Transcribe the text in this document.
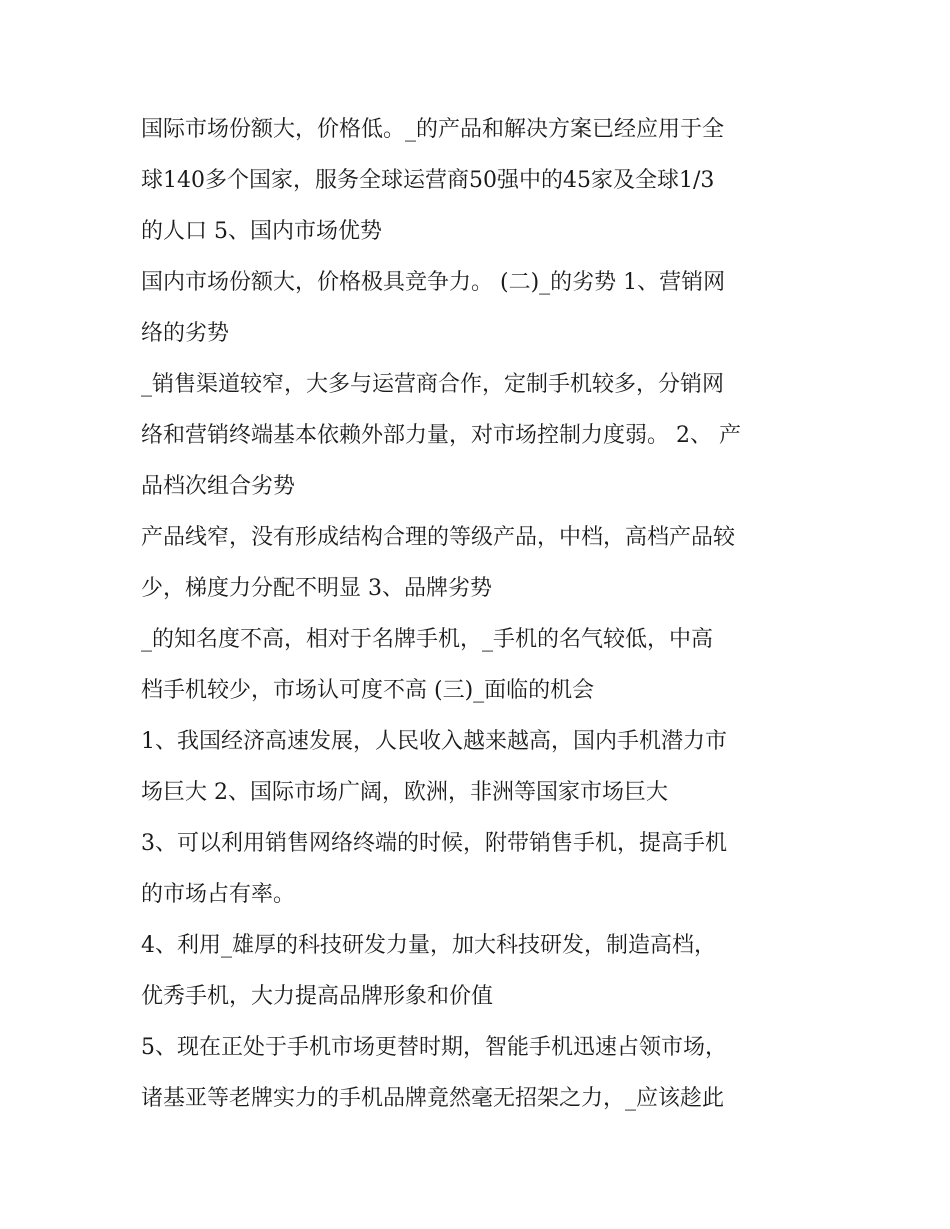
国际市场份额大，价格低。_的产品和解决方案已经应用于全
球140多个国家，服务全球运营商50强中的45家及全球1/3
的人口 5、国内市场优势
国内市场份额大，价格极具竞争力。 (二)_的劣势 1、营销网
络的劣势
_销售渠道较窄，大多与运营商合作，定制手机较多，分销网
络和营销终端基本依赖外部力量，对市场控制力度弱。 2、 产
品档次组合劣势
产品线窄，没有形成结构合理的等级产品，中档，高档产品较
少，梯度力分配不明显 3、品牌劣势
_的知名度不高，相对于名牌手机，_手机的名气较低，中高
档手机较少，市场认可度不高 (三)_面临的机会
1、我国经济高速发展，人民收入越来越高，国内手机潜力市
场巨大 2、国际市场广阔，欧洲，非洲等国家市场巨大
3、可以利用销售网络终端的时候，附带销售手机，提高手机
的市场占有率。
4、利用_雄厚的科技研发力量，加大科技研发，制造高档，
优秀手机，大力提高品牌形象和价值
5、现在正处于手机市场更替时期，智能手机迅速占领市场，
诸基亚等老牌实力的手机品牌竟然毫无招架之力，_应该趁此
